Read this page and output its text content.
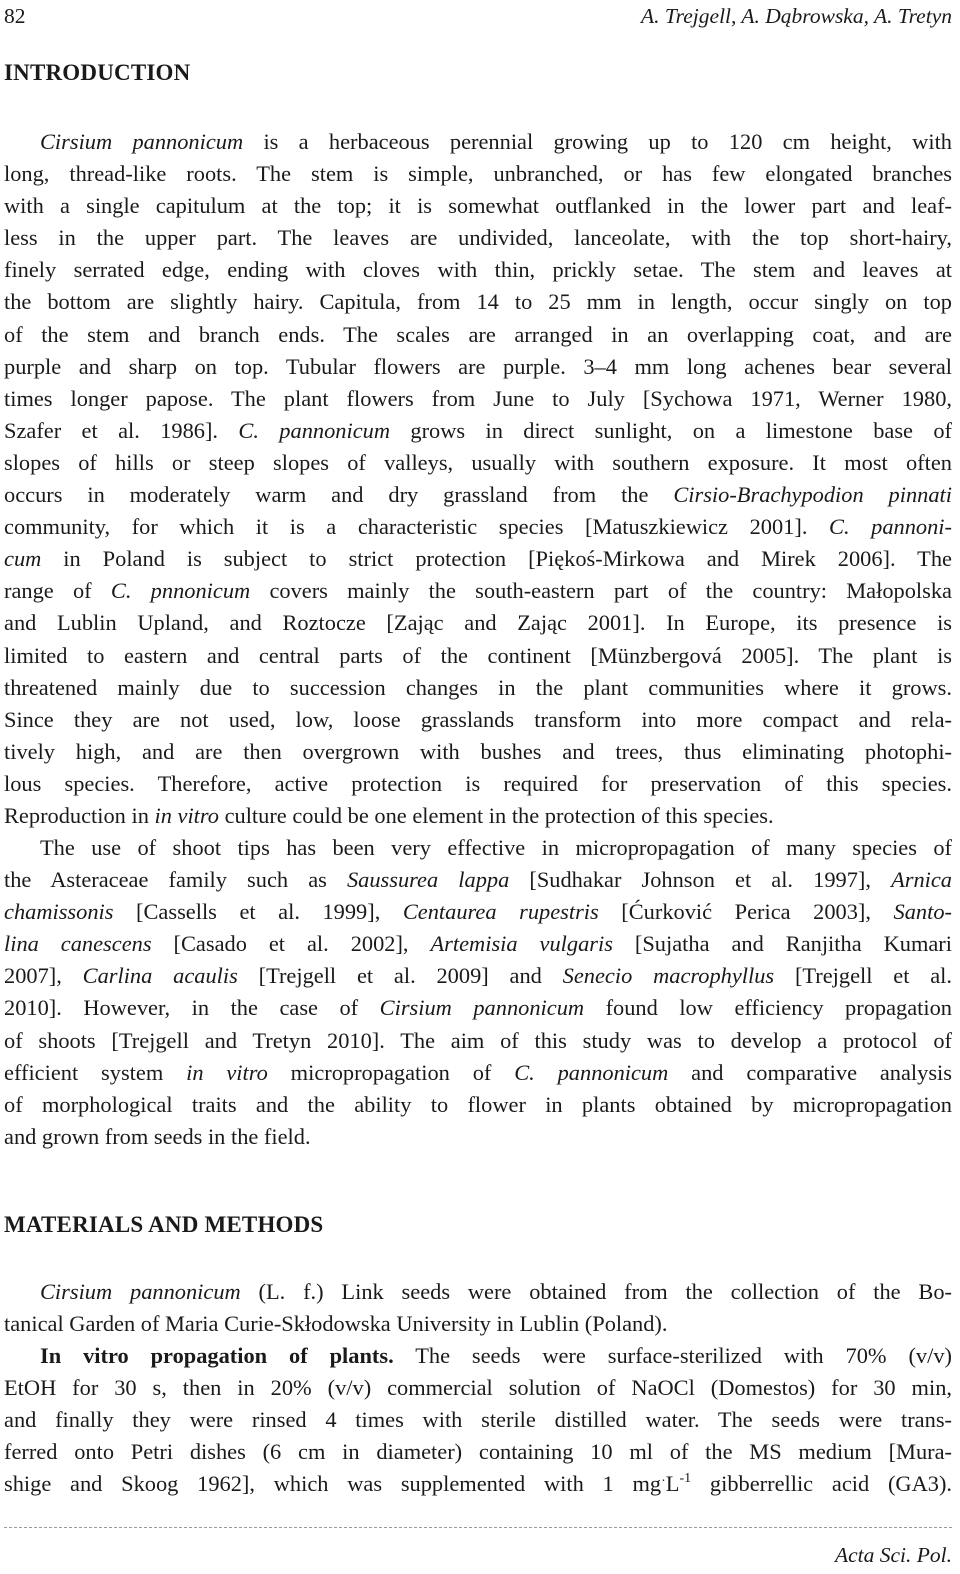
82	A. Trejgell, A. Dąbrowska, A. Tretyn
INTRODUCTION
Cirsium pannonicum is a herbaceous perennial growing up to 120 cm height, with
long, thread-like roots. The stem is simple, unbranched, or has few elongated branches
with a single capitulum at the top; it is somewhat outflanked in the lower part and leaf-
less in the upper part. The leaves are undivided, lanceolate, with the top short-hairy,
finely serrated edge, ending with cloves with thin, prickly setae. The stem and leaves at
the bottom are slightly hairy. Capitula, from 14 to 25 mm in length, occur singly on top
of the stem and branch ends. The scales are arranged in an overlapping coat, and are
purple and sharp on top. Tubular flowers are purple. 3–4 mm long achenes bear several
times longer papose. The plant flowers from June to July [Sychowa 1971, Werner 1980,
Szafer et al. 1986]. C. pannonicum grows in direct sunlight, on a limestone base of
slopes of hills or steep slopes of valleys, usually with southern exposure. It most often
occurs in moderately warm and dry grassland from the Cirsio-Brachypodion pinnati
community, for which it is a characteristic species [Matuszkiewicz 2001]. C. pannoni-
cum in Poland is subject to strict protection [Piękoś-Mirkowa and Mirek 2006]. The
range of C. pnnonicum covers mainly the south-eastern part of the country: Małopolska
and Lublin Upland, and Roztocze [Zając and Zając 2001]. In Europe, its presence is
limited to eastern and central parts of the continent [Münzbergová 2005]. The plant is
threatened mainly due to succession changes in the plant communities where it grows.
Since they are not used, low, loose grasslands transform into more compact and rela-
tively high, and are then overgrown with bushes and trees, thus eliminating photophi-
lous species. Therefore, active protection is required for preservation of this species.
Reproduction in in vitro culture could be one element in the protection of this species.
The use of shoot tips has been very effective in micropropagation of many species of
the Asteraceae family such as Saussurea lappa [Sudhakar Johnson et al. 1997], Arnica
chamissonis [Cassells et al. 1999], Centaurea rupestris [Ćurković Perica 2003], Santo-
lina canescens [Casado et al. 2002], Artemisia vulgaris [Sujatha and Ranjitha Kumari
2007], Carlina acaulis [Trejgell et al. 2009] and Senecio macrophyllus [Trejgell et al.
2010]. However, in the case of Cirsium pannonicum found low efficiency propagation
of shoots [Trejgell and Tretyn 2010]. The aim of this study was to develop a protocol of
efficient system in vitro micropropagation of C. pannonicum and comparative analysis
of morphological traits and the ability to flower in plants obtained by micropropagation
and grown from seeds in the field.
MATERIALS AND METHODS
Cirsium pannonicum (L. f.) Link seeds were obtained from the collection of the Bo-
tanical Garden of Maria Curie-Skłodowska University in Lublin (Poland).
In vitro propagation of plants. The seeds were surface-sterilized with 70% (v/v)
EtOH for 30 s, then in 20% (v/v) commercial solution of NaOCl (Domestos) for 30 min,
and finally they were rinsed 4 times with sterile distilled water. The seeds were trans-
ferred onto Petri dishes (6 cm in diameter) containing 10 ml of the MS medium [Mura-
shige and Skoog 1962], which was supplemented with 1 $mg^\cdot L^{-1}$ gibberrellic acid (GA3).
Acta Sci. Pol.
